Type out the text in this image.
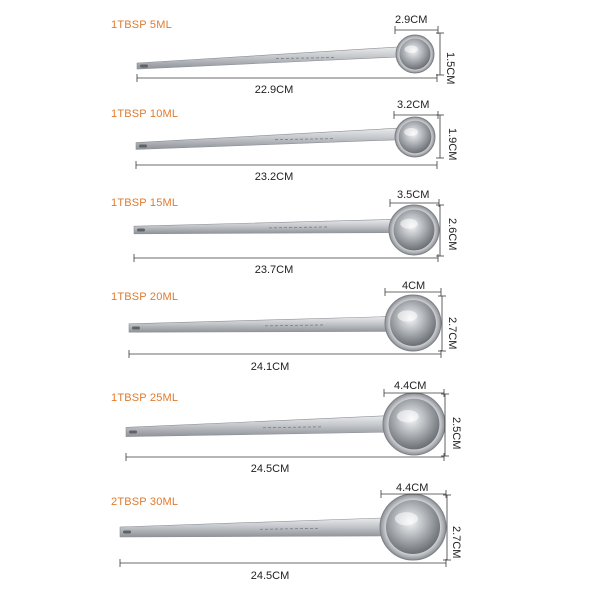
1TBSP 5ML	2.9CM
1.5CM
22.9CM
1TBSP 10ML
3.2CM
1.9CM
23.2CM
1TBSP 15ML
3.5CM
2.6CM
23.7CM
1TBSP 20ML
4CM
2.7CM
24.1CM
1TBSP 25ML
4.4CM
2.5CM
24.5CM
2TBSP 30ML
4.4CM
2.7CM
24.5CM
